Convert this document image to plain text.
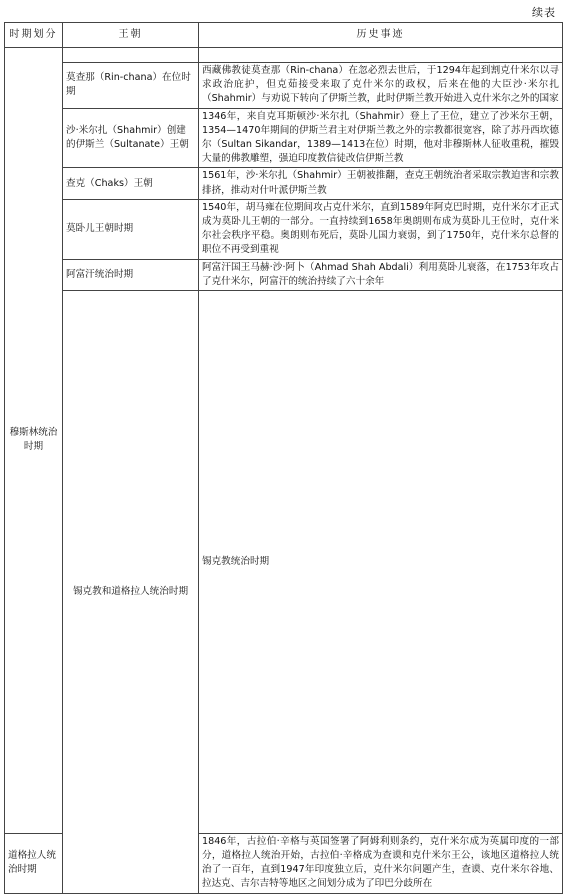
续表
时期划分	王朝	历史事迹	
穆斯林统治时期			
	莫查那（Rin-chana）在位时期	西藏佛教徒莫查那（Rin-chana）在忽必烈去世后，于1294年起到割克什米尔以寻求政治庇护，但克茹接受来取了克什米尔的政权，后来在他的大臣沙·米尔扎（Shahmir）与劝说下转向了伊斯兰教，此时伊斯兰教开始进入克什米尔之外的国家	
	沙·米尔扎（Shahmir）创建的伊斯兰（Sultanate）王朝	1346年，来自克耳斯顿沙·米尔扎（Shahmir）登上了王位，建立了沙米尔王朝，1354—1470年期间的伊斯兰君主对伊斯兰教之外的宗教都很宽容，除了苏丹西坎德尔（Sultan Sikandar，1389—1413在位）时期，他对非穆斯林人征收重税，摧毁大量的佛教雕塑，强迫印度教信徒改信伊斯兰教	
	查克（Chaks）王朝	1561年，沙·米尔扎（Shahmir）王朝被推翻，查克王朝统治者采取宗教迫害和宗教排挤，推动对什叶派伊斯兰教	
	莫卧儿王朝时期	1540年，胡马雍在位期间攻占克什米尔，直到1589年阿克巴时期，克什米尔才正式成为莫卧儿王朝的一部分。一直持续到1658年奥朗则布成为莫卧儿王位时，克什米尔社会秩序平稳。奥朗则布死后，莫卧儿国力衰弱，到了1750年，克什米尔总督的职位不再受到重视	
	阿富汗统治时期	阿富汗国王马赫·沙·阿卜（Ahmad Shah Abdali）利用莫卧儿衰落，在1753年攻占了克什米尔，阿富汗的统治持续了六十余年	
	锡克教和道格拉人统治时期	锡克教统治时期	
道格拉人统治时期		1846年，古拉伯·辛格与英国签署了阿姆利则条约，克什米尔成为英属印度的一部分，道格拉人统治开始，古拉伯·辛格成为查谟和克什米尔王公，该地区道格拉人统治了一百年，直到1947年印度独立后，克什米尔问题产生，查谟、克什米尔谷地、拉达克、吉尔吉特等地区之间划分成为了印巴分歧所在	
